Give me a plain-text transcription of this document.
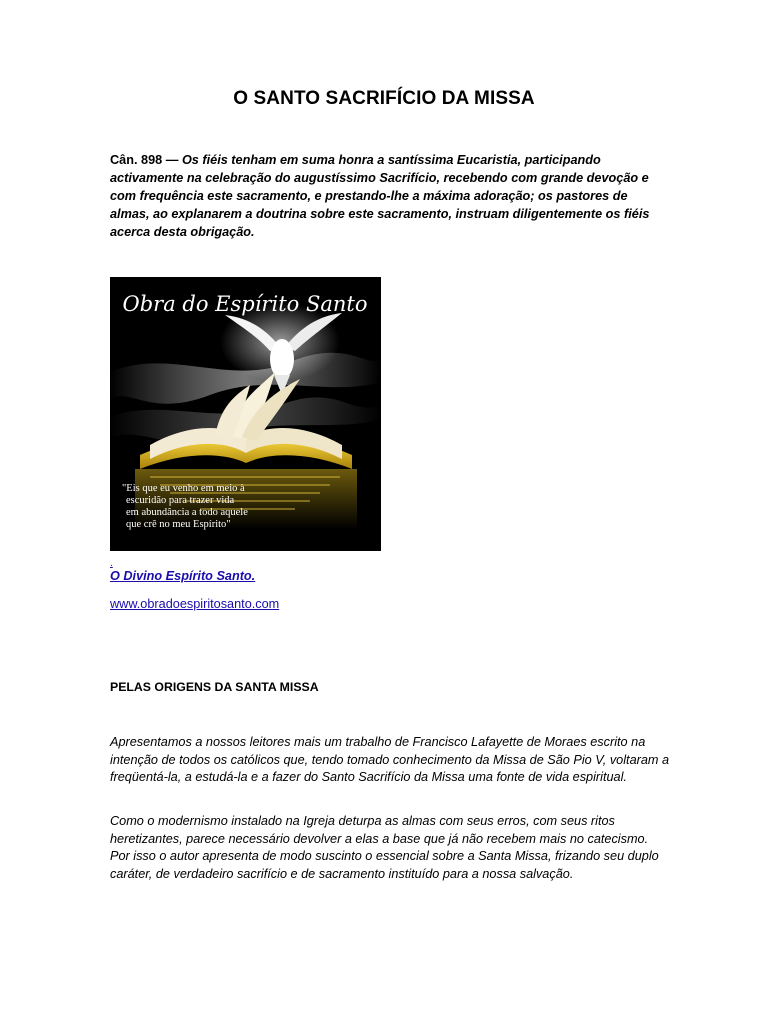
O SANTO SACRIFÍCIO DA MISSA

Cân. 898 — Os fiéis tenham em suma honra a santíssima Eucaristia, participando activamente na celebração do augustíssimo Sacrifício, recebendo com grande devoção e com frequência este sacramento, e prestando-lhe a máxima adoração; os pastores de almas, ao explanarem a doutrina sobre este sacramento, instruam diligentemente os fiéis acerca desta obrigação.

Obra do Espírito Santo
"Eis que eu venho em meio à
escuridão para trazer vida
em abundância a todo aquele
que crê no meu Espírito"
.
O Divino Espírito Santo.
www.obradoespiritosanto.com
PELAS ORIGENS DA SANTA MISSA

Apresentamos a nossos leitores mais um trabalho de Francisco Lafayette de Moraes escrito na intenção de todos os católicos que, tendo tomado conhecimento da Missa de São Pio V, voltaram a freqüentá-la, a estudá-la e a fazer do Santo Sacrifício da Missa uma fonte de vida espiritual.

Como o modernismo instalado na Igreja deturpa as almas com seus erros, com seus ritos heretizantes, parece necessário devolver a elas a base que já não recebem mais no catecismo. Por isso o autor apresenta de modo suscinto o essencial sobre a Santa Missa, frizando seu duplo caráter, de verdadeiro sacrifício e de sacramento instituído para a nossa salvação.
